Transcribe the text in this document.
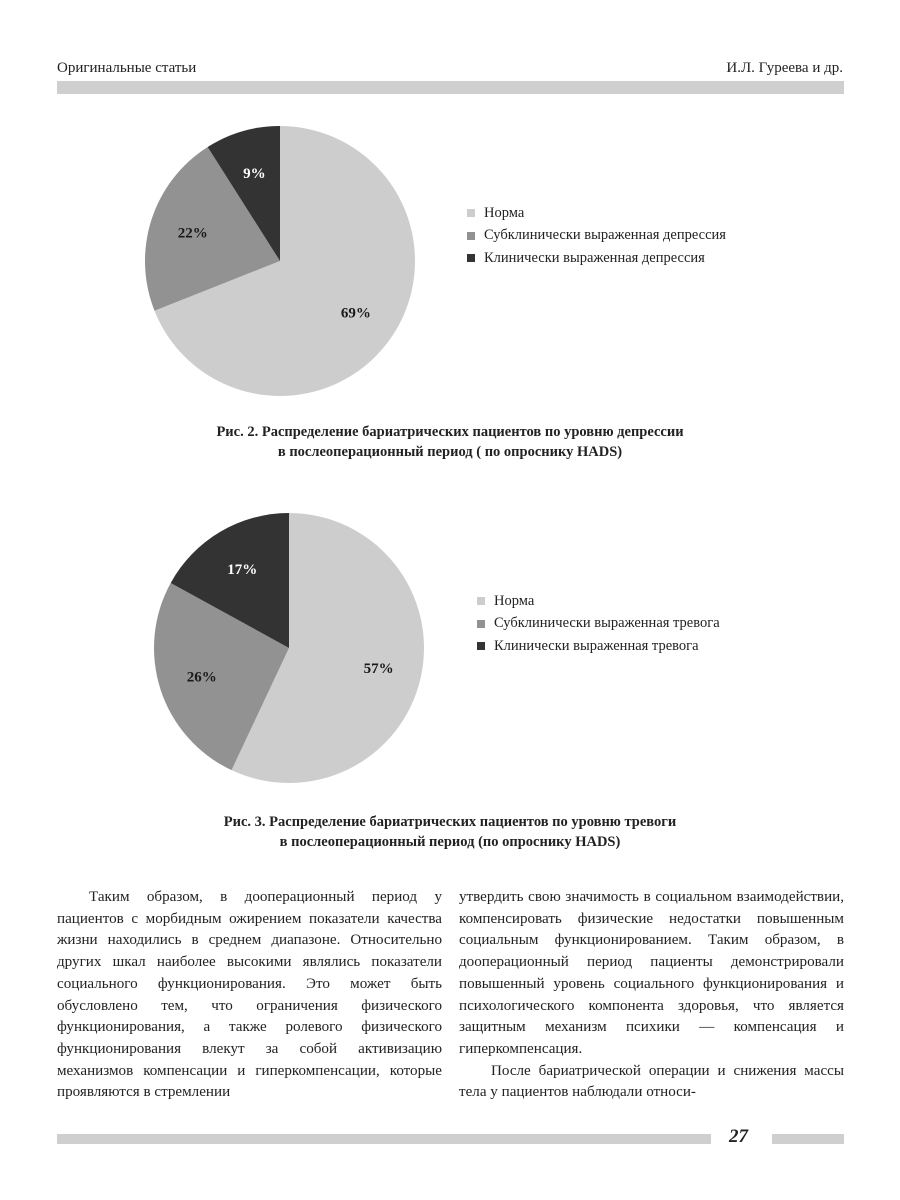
Оригинальные статьи	И.Л. Гуреева и др.
69%
22%
9%
Норма
Субклинически выраженная депрессия
Клинически выраженная депрессия
Рис. 2. Распределение бариатрических пациентов по уровню депрессии
в послеоперационный период ( по опроснику HADS)
57%
26%
17%
Норма
Субклинически выраженная тревога
Клинически выраженная тревога
Рис. 3. Распределение бариатрических пациентов по уровню тревоги
в послеоперационный период (по опроснику HADS)

Таким образом, в дооперационный период у пациентов с морбидным ожирением показатели качества жизни находились в среднем диапазоне. Относительно других шкал наиболее высокими являлись показатели социального функционирования. Это может быть обусловлено тем, что ограничения физического функционирования, а также ролевого физического функционирования влекут за собой активизацию механизмов компенсации и гиперкомпенсации, которые проявляются в стремлении

утвердить свою значимость в социальном взаимодействии, компенсировать физические недостатки повышенным социальным функционированием. Таким образом, в дооперационный период пациенты демонстрировали повышенный уровень социального функционирования и психологического компонента здоровья, что является защитным механизм психики — компенсация и гиперкомпенсация.

После бариатрической операции и снижения массы тела у пациентов наблюдали относи-

27
